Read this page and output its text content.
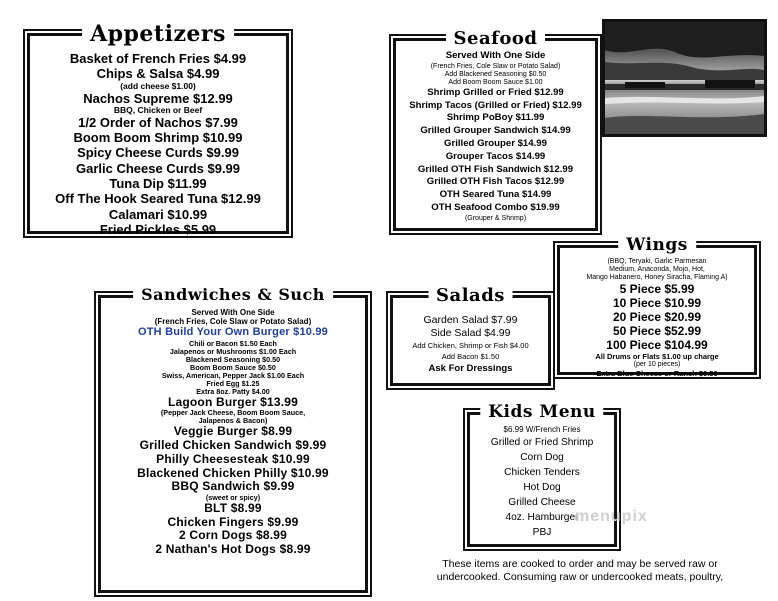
Appetizers
Basket of French Fries $4.99
Chips & Salsa $4.99
(add cheese $1.00)
Nachos Supreme $12.99
BBQ, Chicken or Beef
1/2 Order of Nachos $7.99
Boom Boom Shrimp $10.99
Spicy Cheese Curds $9.99
Garlic Cheese Curds $9.99
Tuna Dip $11.99
Off The Hook Seared Tuna $12.99
Calamari $10.99
Fried Pickles $5.99
Seafood
Served With One Side
(French Fries, Cole Slaw or Potato Salad)
Add Blackened Seasoning $0.50
Add Boom Boom Sauce $1.00
Shrimp Grilled or Fried $12.99
Shrimp Tacos (Grilled or Fried) $12.99
Shrimp PoBoy $11.99
Grilled Grouper Sandwich $14.99
Grilled Grouper $14.99
Grouper Tacos $14.99
Grilled OTH Fish Sandwich $12.99
Grilled OTH Fish Tacos $12.99
OTH Seared Tuna $14.99
OTH Seafood Combo $19.99
(Grouper & Shrimp)
Wings
(BBQ, Teryaki, Garlic Parmesan
Medium, Anaconda, Mojo, Hot,
Mango Habanero, Honey Siracha, Flaming A)
5 Piece $5.99
10 Piece $10.99
20 Piece $20.99
50 Piece $52.99
100 Piece $104.99
All Drums or Flats $1.00 up charge
(per 10 pieces)
Extra Blue Cheese or Ranch $0.50
Sandwiches & Such
Served With One Side
(French Fries, Cole Slaw or Potato Salad)
OTH Build Your Own Burger $10.99
Chili or Bacon $1.50 Each
Jalapenos or Mushrooms $1.00 Each
Blackened Seasoning $0.50
Boom Boom Sauce $0.50
Swiss, American, Pepper Jack $1.00 Each
Fried Egg $1.25
Extra 8oz. Patty $4.00
Lagoon Burger $13.99
(Pepper Jack Cheese, Boom Boom Sauce,
Jalapenos & Bacon)
Veggie Burger $8.99
Grilled Chicken Sandwich $9.99
Philly Cheesesteak $10.99
Blackened Chicken Philly $10.99
BBQ Sandwich $9.99
(sweet or spicy)
BLT $8.99
Chicken Fingers $9.99
2 Corn Dogs $8.99
2 Nathan's Hot Dogs $8.99
Salads
Garden Salad $7.99
Side Salad $4.99
Add Chicken, Shrimp or Fish $4.00
Add Bacon $1.50
Ask For Dressings
Kids Menu
$6.99 W/French Fries
Grilled or Fried Shrimp
Corn Dog
Chicken Tenders
Hot Dog
Grilled Cheese
4oz. Hamburger
PBJ
menupix
These items are cooked to order and may be served raw or
undercooked. Consuming raw or undercooked meats, poultry,
